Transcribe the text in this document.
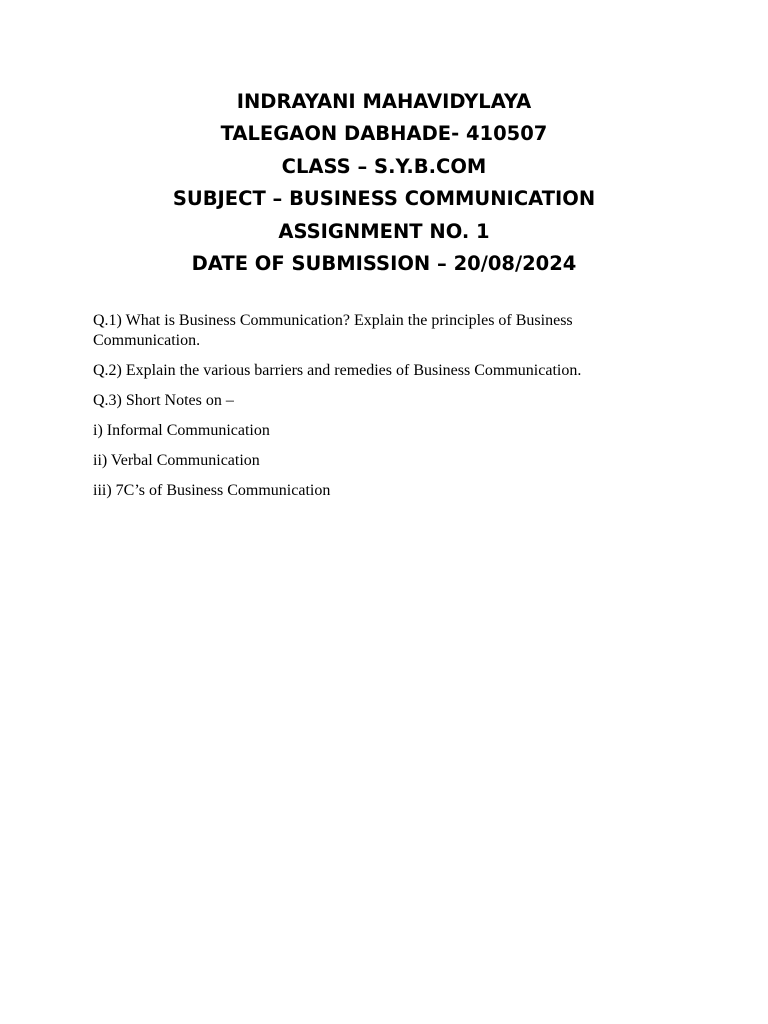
INDRAYANI MAHAVIDYLAYA
TALEGAON DABHADE- 410507
CLASS – S.Y.B.COM
SUBJECT – BUSINESS COMMUNICATION
ASSIGNMENT NO. 1
DATE OF SUBMISSION – 20/08/2024

Q.1) What is Business Communication? Explain the principles of Business Communication.

Q.2) Explain the various barriers and remedies of Business Communication.

Q.3) Short Notes on –

i) Informal Communication

ii) Verbal Communication

iii) 7C’s of Business Communication
